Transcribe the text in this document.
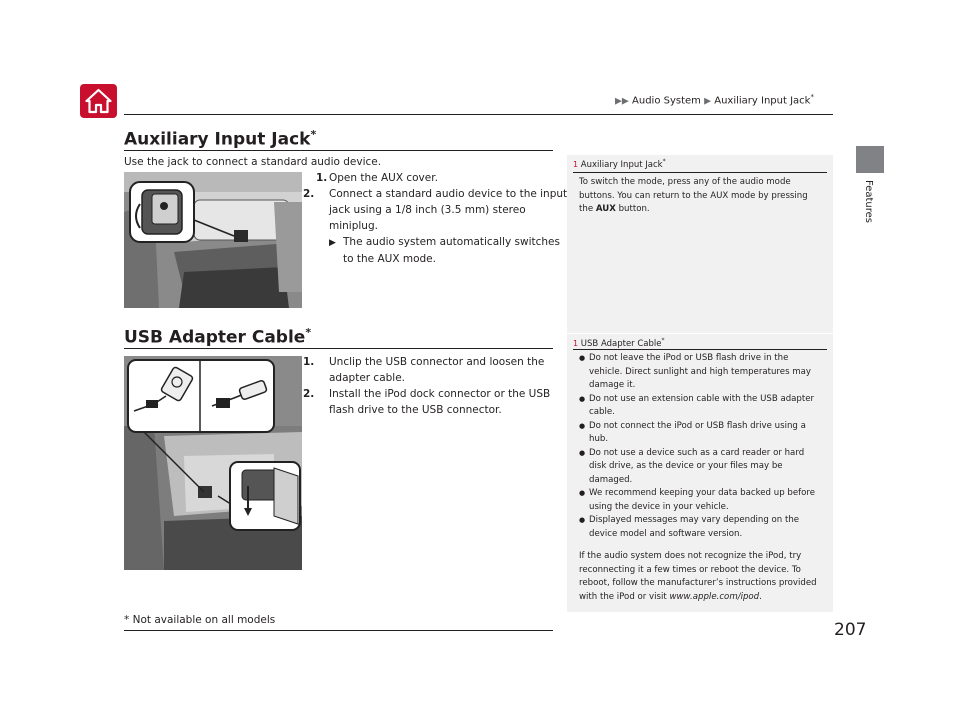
▶▶ Audio System ▶ Auxiliary Input Jack*
Features
Auxiliary Input Jack*
Use the jack to connect a standard audio device.
1. Open the AUX cover.
2. Connect a standard audio device to the input jack using a 1/8 inch (3.5 mm) stereo miniplug.
▶ The audio system automatically switches to the AUX mode.
1 Auxiliary Input Jack*
To switch the mode, press any of the audio mode buttons. You can return to the AUX mode by pressing the AUX button.
USB Adapter Cable*
1. Unclip the USB connector and loosen the adapter cable.
2. Install the iPod dock connector or the USB flash drive to the USB connector.
1 USB Adapter Cable*
● Do not leave the iPod or USB flash drive in the vehicle. Direct sunlight and high temperatures may damage it.
● Do not use an extension cable with the USB adapter cable.
● Do not connect the iPod or USB flash drive using a hub.
● Do not use a device such as a card reader or hard disk drive, as the device or your files may be damaged.
● We recommend keeping your data backed up before using the device in your vehicle.
● Displayed messages may vary depending on the device model and software version.
If the audio system does not recognize the iPod, try reconnecting it a few times or reboot the device. To reboot, follow the manufacturer’s instructions provided with the iPod or visit www.apple.com/ipod.
* Not available on all models	207
